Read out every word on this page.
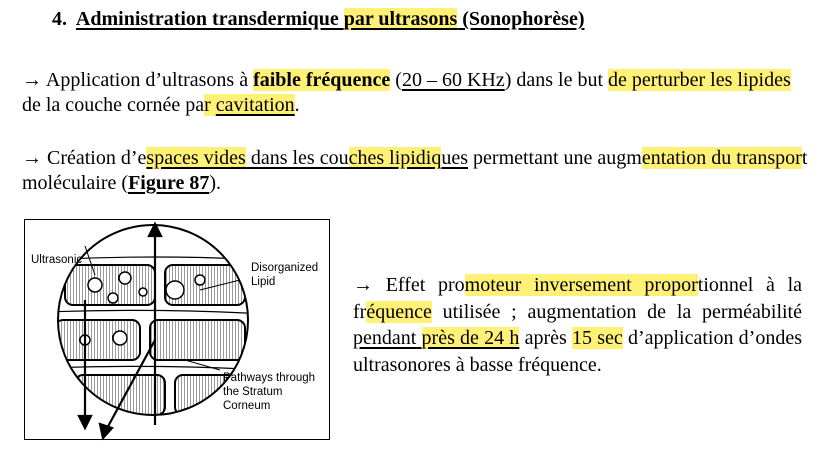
4. Administration transdermique par ultrasons (Sonophorèse)
→ Application d’ultrasons à faible fréquence (20 – 60 KHz) dans le but de perturber les lipides de la couche cornée par cavitation.
→ Création d’espaces vides dans les couches lipidiques permettant une augmentation du transport moléculaire (Figure 87).
Ultrasonic
Disorganized
Lipid
Pathways through
the Stratum Corneum
→ Effet promoteur inversement proportionnel à la fréquence utilisée ; augmentation de la perméabilité pendant près de 24 h après 15 sec d’application d’ondes ultrasonores à basse fréquence.
